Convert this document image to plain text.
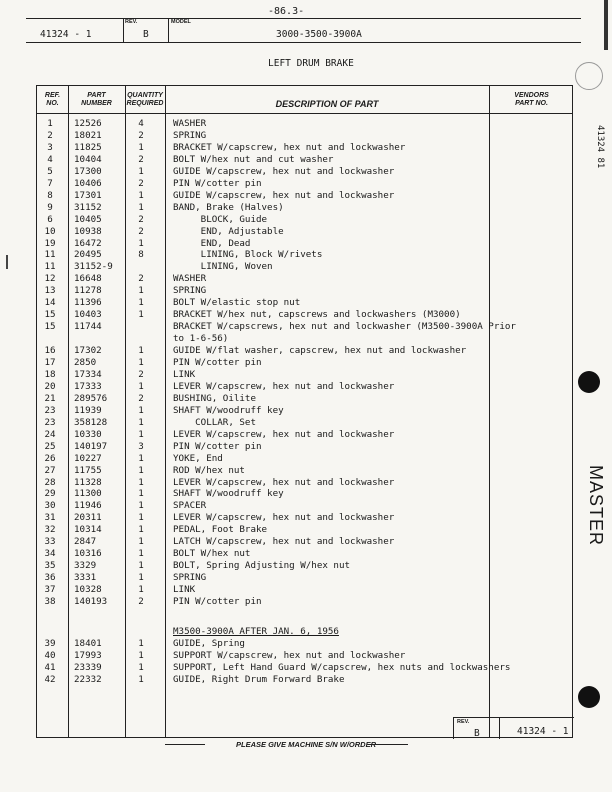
-86.3-
41324 - 1
REV.
B
MODEL
3000-3500-3900A
LEFT DRUM BRAKE
REF.
NO.
PART
NUMBER
QUANTITY
REQUIRED	DESCRIPTION OF PART
VENDORS
PART NO.
1	12526	4	WASHER
2	18021	2	SPRING
3	11825	1	BRACKET W/capscrew, hex nut and lockwasher
4	10404	2	BOLT W/hex nut and cut washer
5	17300	1	GUIDE W/capscrew, hex nut and lockwasher
7	10406	2	PIN W/cotter pin
8	17301	1	GUIDE W/capscrew, hex nut and lockwasher
9	31152	1	BAND, Brake (Halves)
6	10405	2	BLOCK, Guide
10	10938	2	END, Adjustable
19	16472	1	END, Dead
11	20495	8	LINING, Block W/rivets
11	31152-9	LINING, Woven
12	16648	2	WASHER
13	11278	1	SPRING
14	11396	1	BOLT W/elastic stop nut
15	10403	1	BRACKET W/hex nut, capscrews and lockwashers (M3000)
15	11744	BRACKET W/capscrews, hex nut and lockwasher (M3500-3900A Prior
to 1-6-56)
16	17302	1	GUIDE W/flat washer, capscrew, hex nut and lockwasher
17	2850	1	PIN W/cotter pin
18	17334	2	LINK
20	17333	1	LEVER W/capscrew, hex nut and lockwasher
21	289576	2	BUSHING, Oilite
23	11939	1	SHAFT W/woodruff key
23	358128	1	COLLAR, Set
24	10330	1	LEVER W/capscrew, hex nut and lockwasher
25	140197	3	PIN W/cotter pin
26	10227	1	YOKE, End
27	11755	1	ROD W/hex nut
28	11328	1	LEVER W/capscrew, hex nut and lockwasher
29	11300	1	SHAFT W/woodruff key
30	11946	1	SPACER
31	20311	1	LEVER W/capscrew, hex nut and lockwasher
32	10314	1	PEDAL, Foot Brake
33	2847	1	LATCH W/capscrew, hex nut and lockwasher
34	10316	1	BOLT W/hex nut
35	3329	1	BOLT, Spring Adjusting W/hex nut
36	3331	1	SPRING
37	10328	1	LINK
38	140193	2	PIN W/cotter pin
M3500-3900A AFTER JAN. 6, 1956
39	18401	1	GUIDE, Spring
40	17993	1	SUPPORT W/capscrew, hex nut and lockwasher
41	23339	1	SUPPORT, Left Hand Guard W/capscrew, hex nuts and lockwashers
42	22332	1	GUIDE, Right Drum Forward Brake
REV.
B	41324 - 1
PLEASE GIVE MACHINE S/N W/ORDER
41324 81
MASTER
